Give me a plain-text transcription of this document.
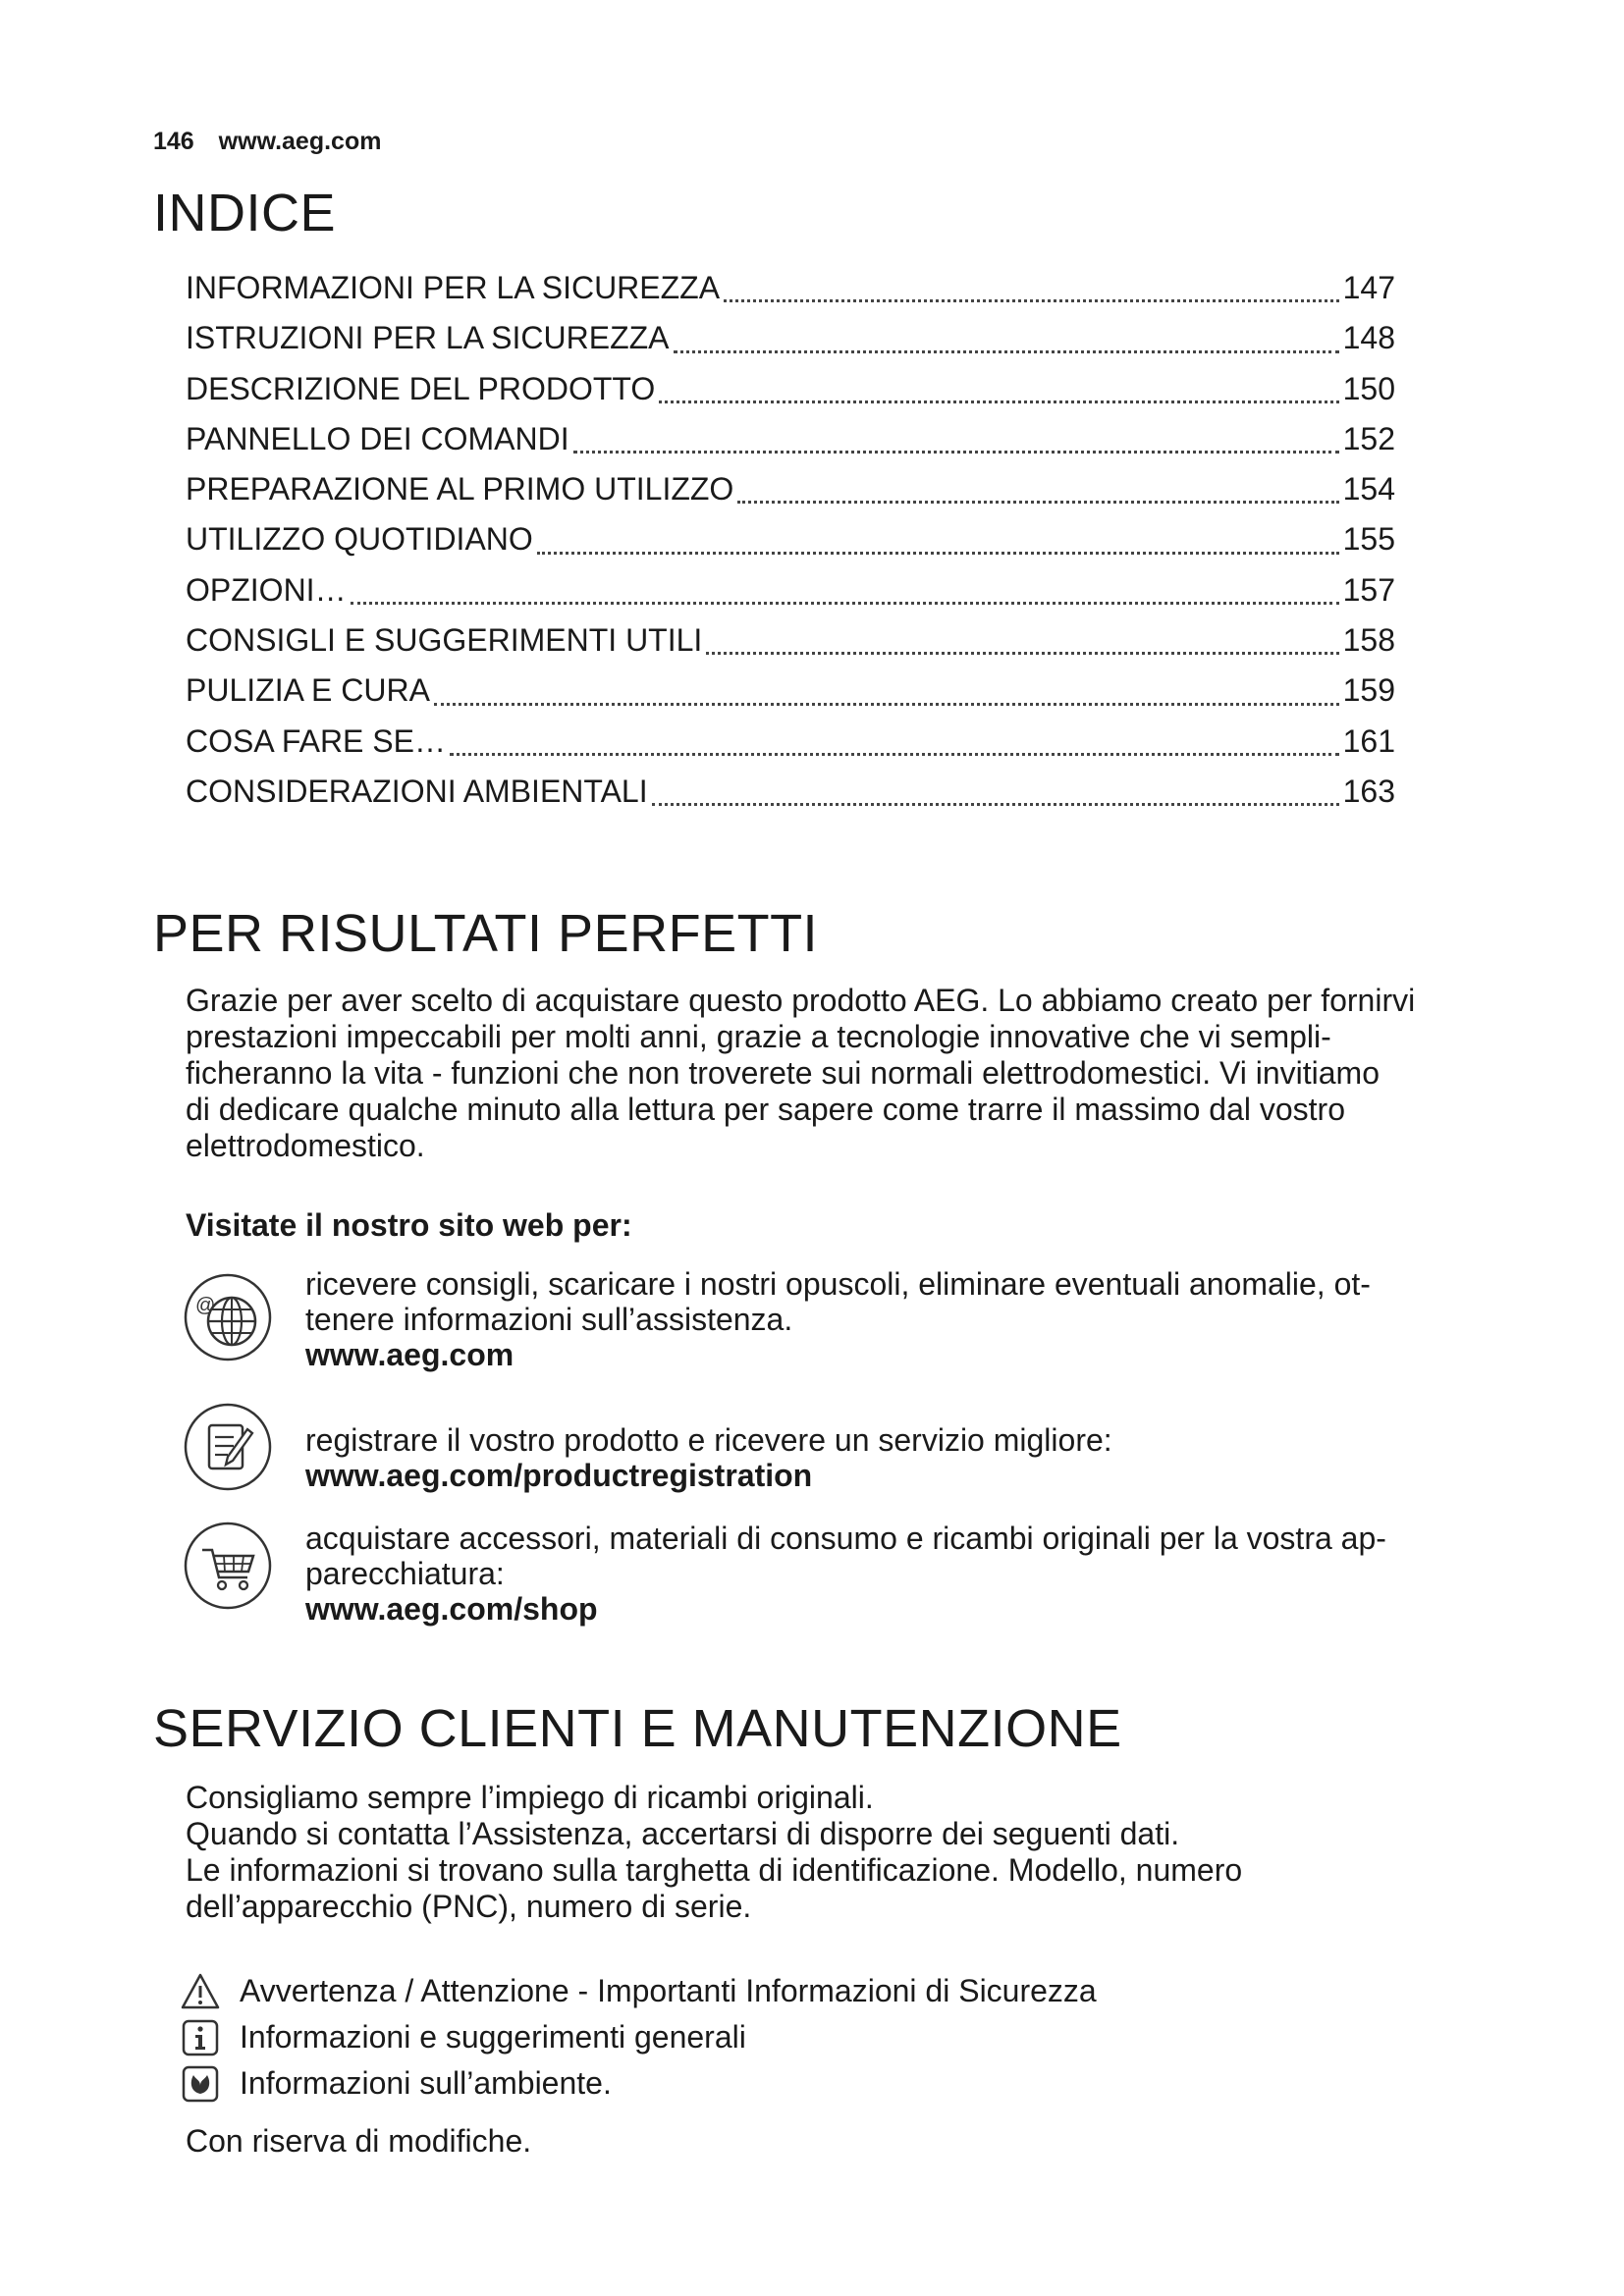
146 www.aeg.com
INDICE
INFORMAZIONI PER LA SICUREZZA	147
ISTRUZIONI PER LA SICUREZZA	148
DESCRIZIONE DEL PRODOTTO	150
PANNELLO DEI COMANDI	152
PREPARAZIONE AL PRIMO UTILIZZO	154
UTILIZZO QUOTIDIANO	155
OPZIONI…	157
CONSIGLI E SUGGERIMENTI UTILI	158
PULIZIA E CURA	159
COSA FARE SE…	161
CONSIDERAZIONI AMBIENTALI	163
PER RISULTATI PERFETTI
Grazie per aver scelto di acquistare questo prodotto AEG. Lo abbiamo creato per fornirvi
prestazioni impeccabili per molti anni, grazie a tecnologie innovative che vi sempli-
ficheranno la vita - funzioni che non troverete sui normali elettrodomestici. Vi invitiamo
di dedicare qualche minuto alla lettura per sapere come trarre il massimo dal vostro
elettrodomestico.
Visitate il nostro sito web per:
@
ricevere consigli, scaricare i nostri opuscoli, eliminare eventuali anomalie, ot-
tenere informazioni sull’assistenza.
www.aeg.com
registrare il vostro prodotto e ricevere un servizio migliore:
www.aeg.com/productregistration
acquistare accessori, materiali di consumo e ricambi originali per la vostra ap-
parecchiatura:
www.aeg.com/shop
SERVIZIO CLIENTI E MANUTENZIONE
Consigliamo sempre l’impiego di ricambi originali.
Quando si contatta l’Assistenza, accertarsi di disporre dei seguenti dati.
Le informazioni si trovano sulla targhetta di identificazione. Modello, numero
dell’apparecchio (PNC), numero di serie.
Avvertenza / Attenzione - Importanti Informazioni di Sicurezza
Informazioni e suggerimenti generali
Informazioni sull’ambiente.
Con riserva di modifiche.
